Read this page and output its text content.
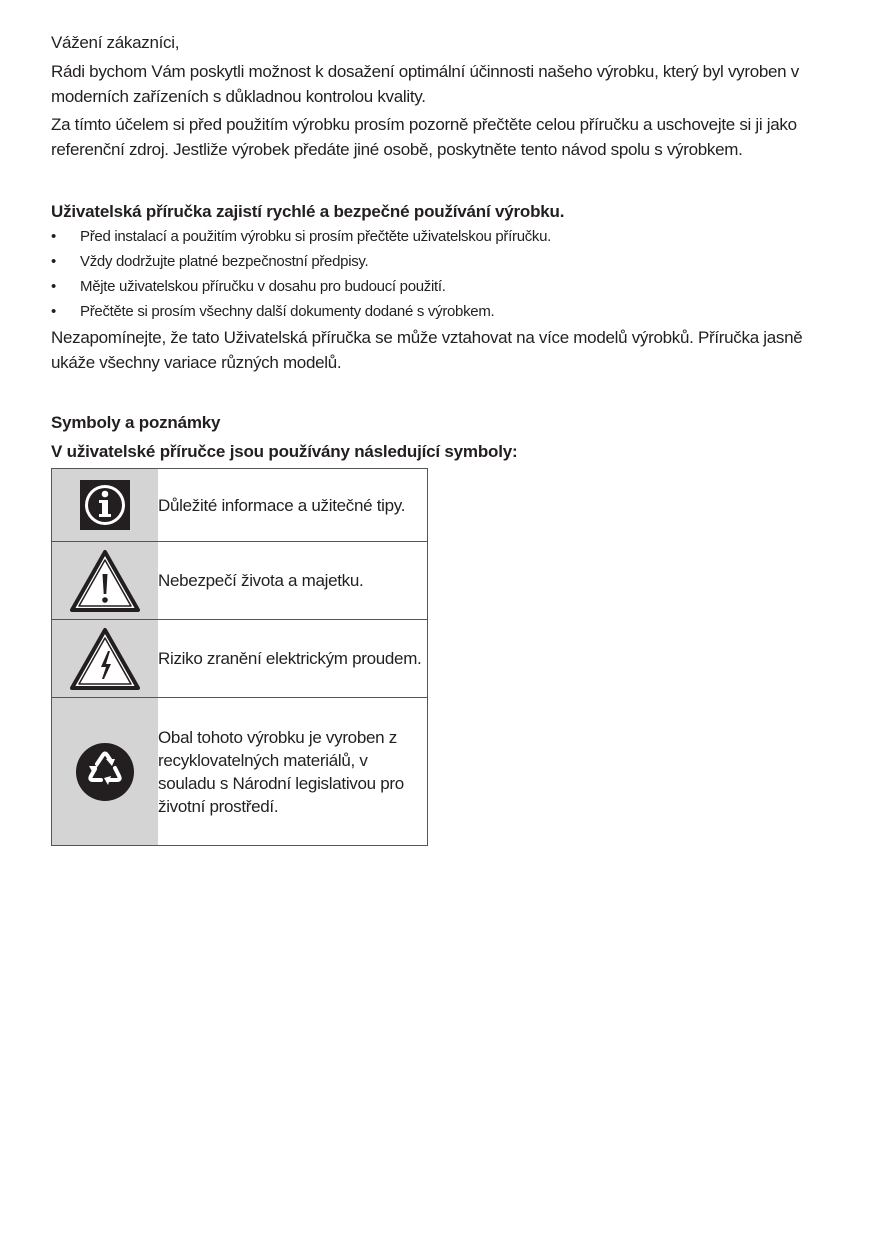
Vážení zákazníci,

Rádi bychom Vám poskytli možnost k dosažení optimální účinnosti našeho výrobku, který byl vyroben v moderních zařízeních s důkladnou kontrolou kvality.

Za tímto účelem si před použitím výrobku prosím pozorně přečtěte celou příručku a uschovejte si ji jako referenční zdroj. Jestliže výrobek předáte jiné osobě, poskytněte tento návod spolu s výrobkem.

Uživatelská příručka zajistí rychlé a bezpečné používání výrobku.

• Před instalací a použitím výrobku si prosím přečtěte uživatelskou příručku.
• Vždy dodržujte platné bezpečnostní předpisy.
• Mějte uživatelskou příručku v dosahu pro budoucí použití.
• Přečtěte si prosím všechny další dokumenty dodané s výrobkem.

Nezapomínejte, že tato Uživatelská příručka se může vztahovat na více modelů výrobků. Příručka jasně ukáže všechny variace různých modelů.

Symboly a poznámky

V uživatelské příručce jsou používány následující symboly:

	Důležité informace a užitečné tipy.
	Nebezpečí života a majetku.
	Riziko zranění elektrickým proudem.
	Obal tohoto výrobku je vyroben z recyklovatelných materiálů, v souladu s Národní legislativou pro životní prostředí.
